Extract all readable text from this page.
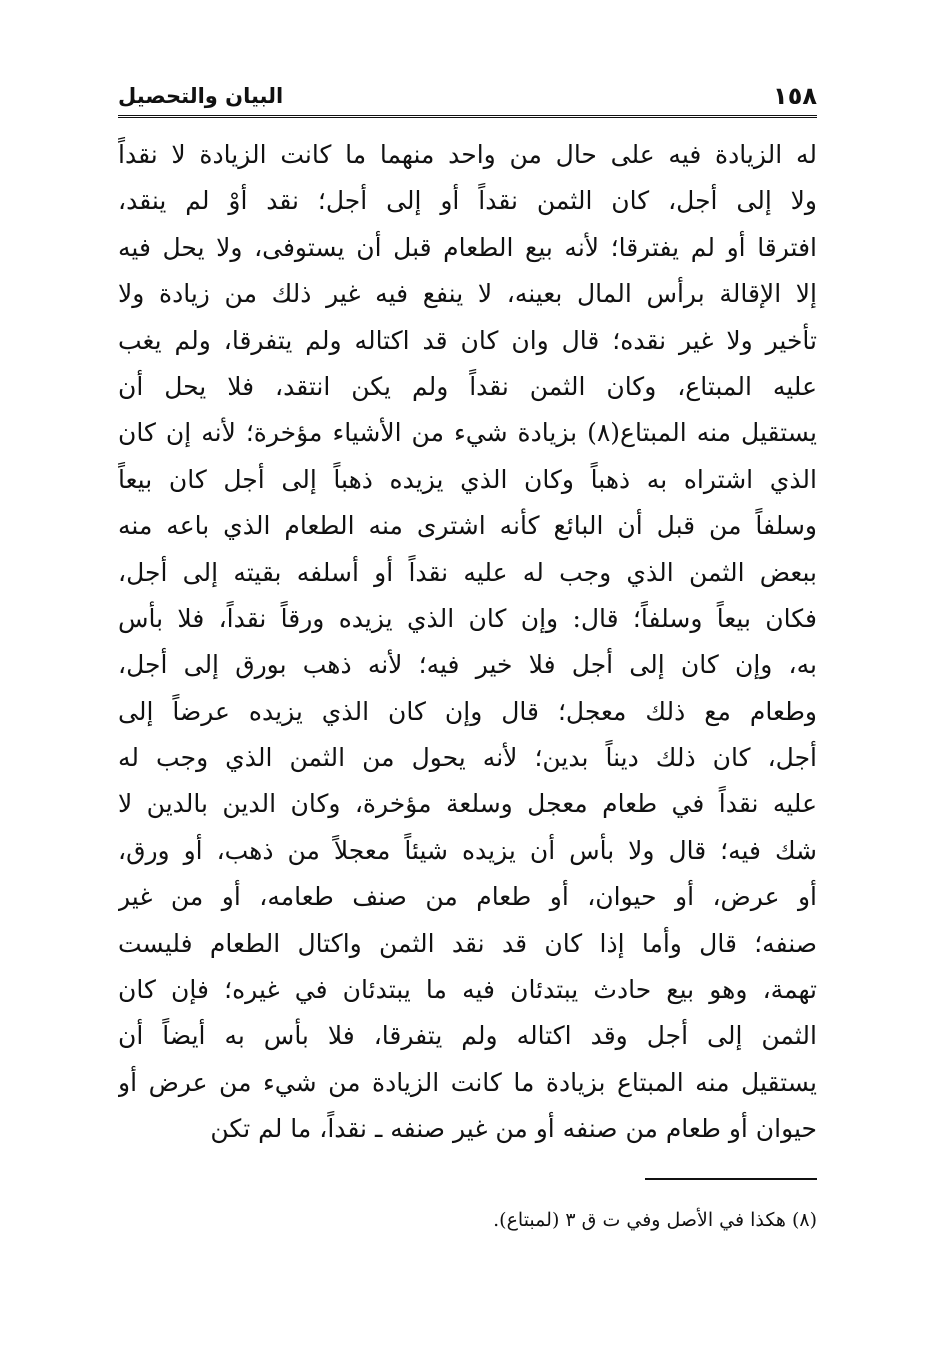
١٥٨
البيان والتحصيل
له الزيادة فيه على حال من واحد منهما ما كانت الزيادة لا نقداً
ولا إلى أجل، كان الثمن نقداً أو إلى أجل؛ نقد أوْ لم ينقد،
افترقا أو لم يفترقا؛ لأنه بيع الطعام قبل أن يستوفى، ولا يحل فيه
إلا الإقالة برأس المال بعينه، لا ينفع فيه غير ذلك من زيادة ولا
تأخير ولا غير نقده؛ قال وان كان قد اكتاله ولم يتفرقا، ولم يغب
عليه المبتاع، وكان الثمن نقداً ولم يكن انتقد، فلا يحل أن
يستقيل منه المبتاع(٨) بزيادة شيء من الأشياء مؤخرة؛ لأنه إن كان
الذي اشتراه به ذهباً وكان الذي يزيده ذهباً إلى أجل كان بيعاً
وسلفاً من قبل أن البائع كأنه اشترى منه الطعام الذي باعه منه
ببعض الثمن الذي وجب له عليه نقداً أو أسلفه بقيته إلى أجل،
فكان بيعاً وسلفاً؛ قال: وإن كان الذي يزيده ورقاً نقداً، فلا بأس
به، وإن كان إلى أجل فلا خير فيه؛ لأنه ذهب بورق إلى أجل،
وطعام مع ذلك معجل؛ قال وإن كان الذي يزيده عرضاً إلى
أجل، كان ذلك ديناً بدين؛ لأنه يحول من الثمن الذي وجب له
عليه نقداً في طعام معجل وسلعة مؤخرة، وكان الدين بالدين لا
شك فيه؛ قال ولا بأس أن يزيده شيئاً معجلاً من ذهب، أو ورق،
أو عرض، أو حيوان، أو طعام من صنف طعامه، أو من غير
صنفه؛ قال وأما إذا كان قد نقد الثمن واكتال الطعام فليست
تهمة، وهو بيع حادث يبتدئان فيه ما يبتدئان في غيره؛ فإن كان
الثمن إلى أجل وقد اكتاله ولم يتفرقا، فلا بأس به أيضاً أن
يستقيل منه المبتاع بزيادة ما كانت الزيادة من شيء من عرض أو
حيوان أو طعام من صنفه أو من غير صنفه ـ نقداً، ما لم تكن
(٨) هكذا في الأصل وفي ت ق ٣ (لمبتاع).
